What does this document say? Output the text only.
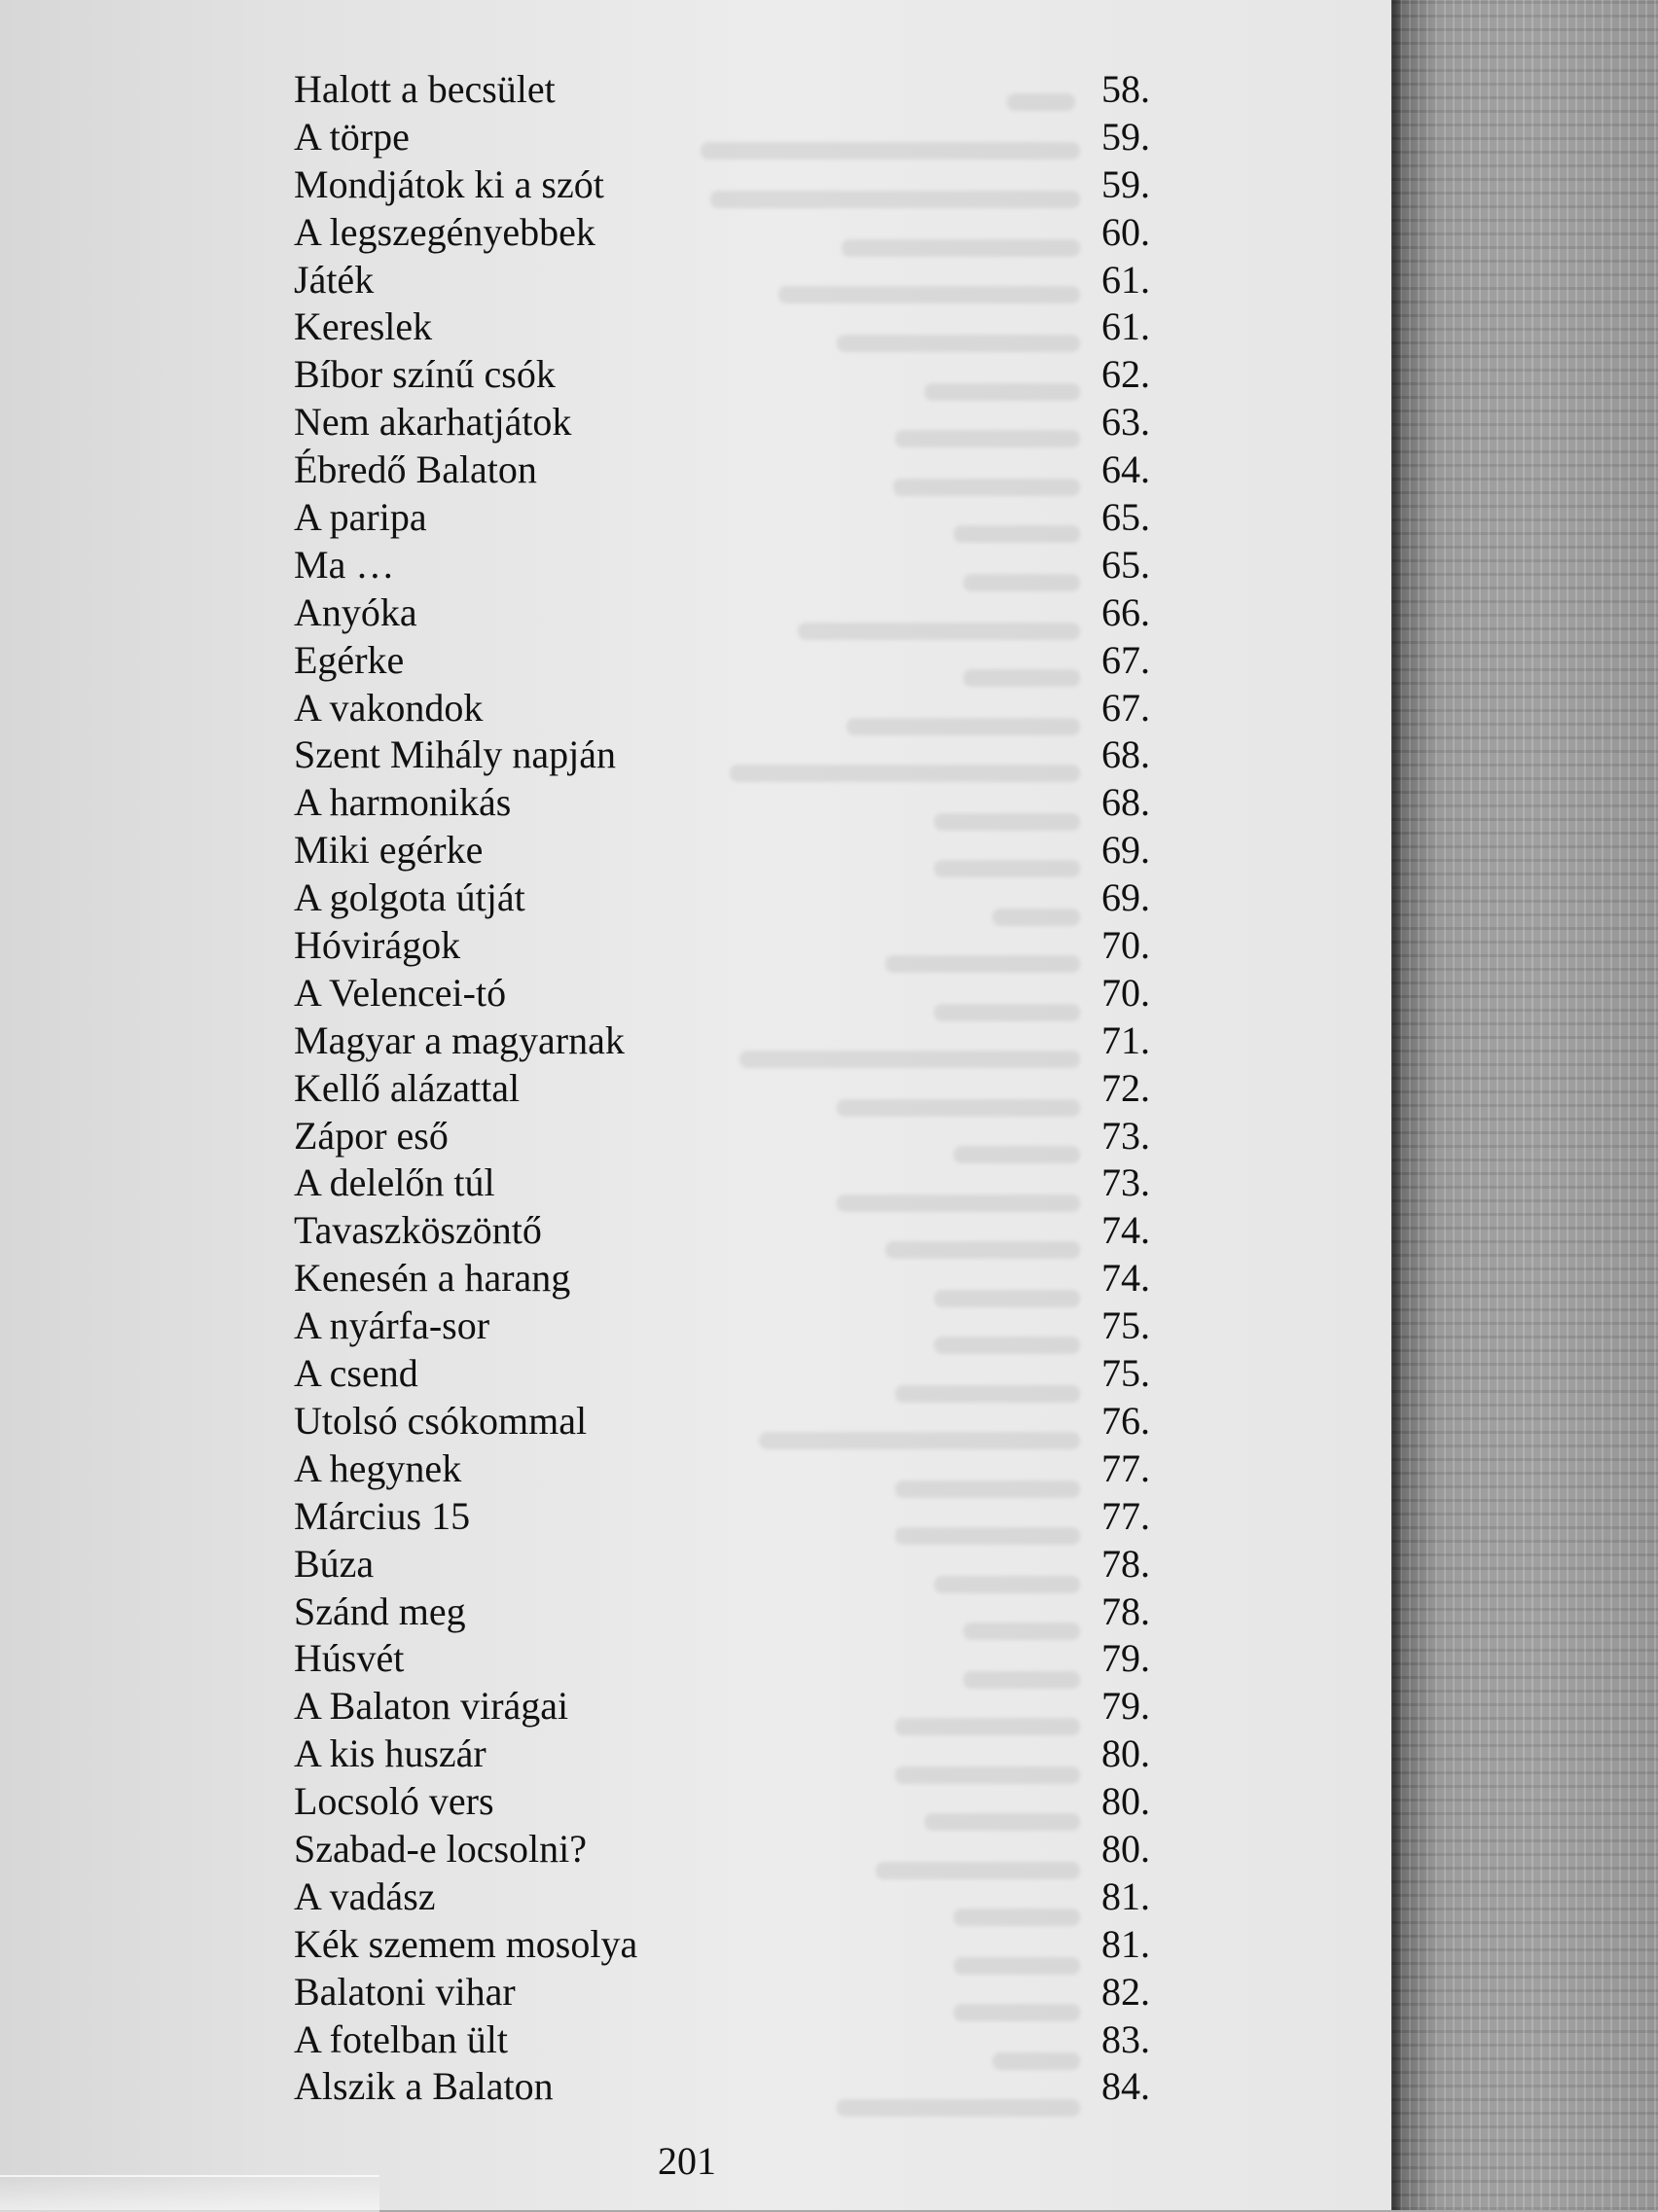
Halott a becsület	58.
A törpe	59.
Mondjátok ki a szót	59.
A legszegényebbek	60.
Játék	61.
Kereslek	61.
Bíbor színű csók	62.
Nem akarhatjátok	63.
Ébredő Balaton	64.
A paripa	65.
Ma …	65.
Anyóka	66.
Egérke	67.
A vakondok	67.
Szent Mihály napján	68.
A harmonikás	68.
Miki egérke	69.
A golgota útját	69.
Hóvirágok	70.
A Velencei-tó	70.
Magyar a magyarnak	71.
Kellő alázattal	72.
Zápor eső	73.
A delelőn túl	73.
Tavaszköszöntő	74.
Kenesén a harang	74.
A nyárfa-sor	75.
A csend	75.
Utolsó csókommal	76.
A hegynek	77.
Március 15	77.
Búza	78.
Szánd meg	78.
Húsvét	79.
A Balaton virágai	79.
A kis huszár	80.
Locsoló vers	80.
Szabad-e locsolni?	80.
A vadász	81.
Kék szemem mosolya	81.
Balatoni vihar	82.
A fotelban ült	83.
Alszik a Balaton	84.
201
